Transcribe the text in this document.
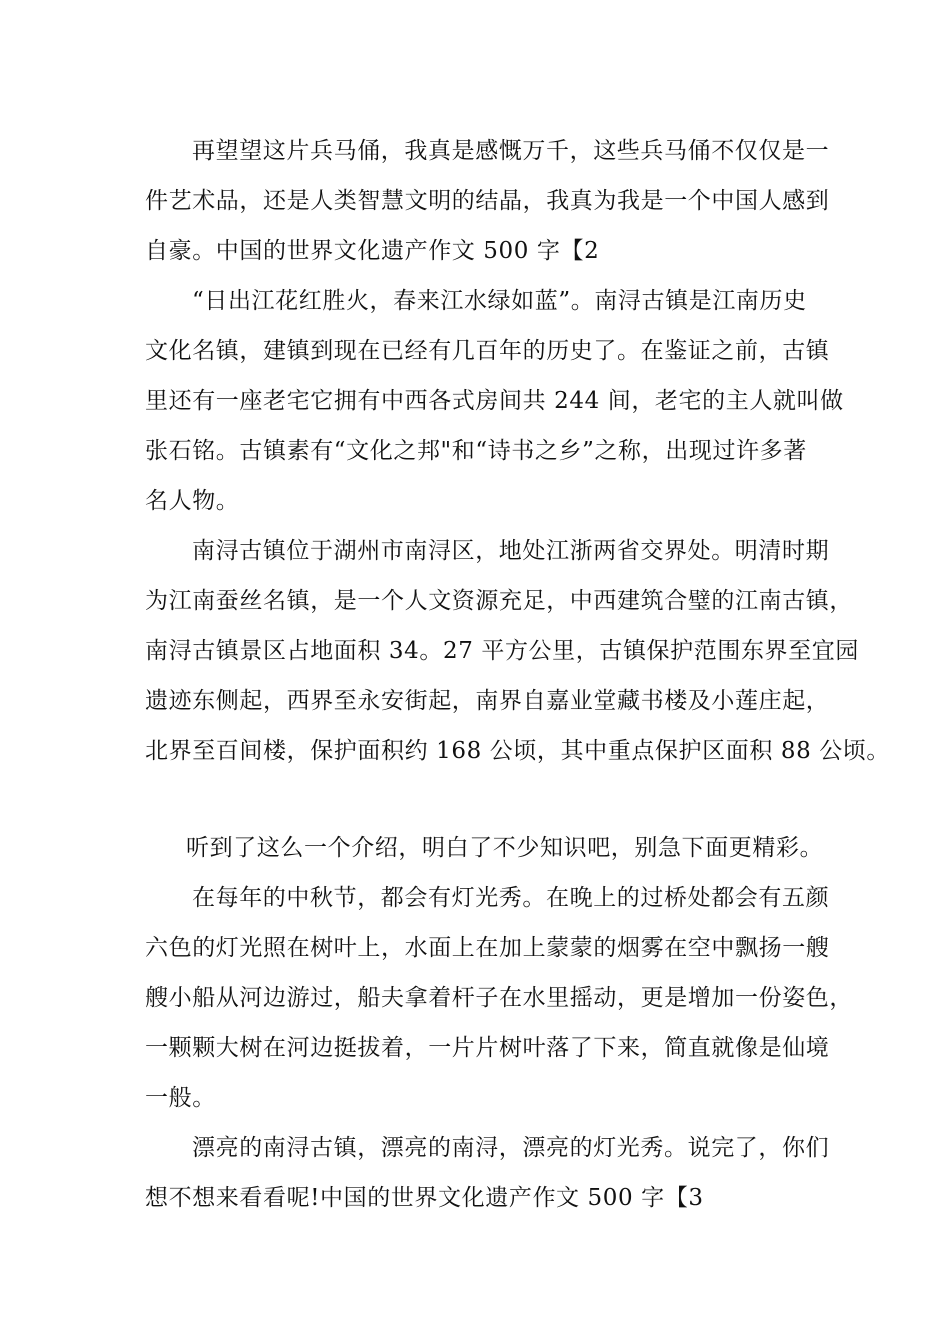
再望望这片兵马俑，我真是感慨万千，这些兵马俑不仅仅是一

件艺术品，还是人类智慧文明的结晶，我真为我是一个中国人感到

自豪。中国的世界文化遗产作文 500 字【2

“日出江花红胜火，春来江水绿如蓝”。南浔古镇是江南历史

文化名镇，建镇到现在已经有几百年的历史了。在鉴证之前，古镇

里还有一座老宅它拥有中西各式房间共 244 间，老宅的主人就叫做

张石铭。古镇素有“文化之邦"和“诗书之乡”之称，出现过许多著

名人物。

南浔古镇位于湖州市南浔区，地处江浙两省交界处。明清时期

为江南蚕丝名镇，是一个人文资源充足，中西建筑合璧的江南古镇，

南浔古镇景区占地面积 34。27 平方公里，古镇保护范围东界至宜园

遗迹东侧起，西界至永安街起，南界自嘉业堂藏书楼及小莲庄起，

北界至百间楼，保护面积约 168 公顷，其中重点保护区面积 88 公顷。

听到了这么一个介绍，明白了不少知识吧，别急下面更精彩。

在每年的中秋节，都会有灯光秀。在晚上的过桥处都会有五颜

六色的灯光照在树叶上，水面上在加上蒙蒙的烟雾在空中飘扬一艘

艘小船从河边游过，船夫拿着杆子在水里摇动，更是增加一份姿色，

一颗颗大树在河边挺拔着，一片片树叶落了下来，简直就像是仙境

一般。

漂亮的南浔古镇，漂亮的南浔，漂亮的灯光秀。说完了，你们

想不想来看看呢!中国的世界文化遗产作文 500 字【3
